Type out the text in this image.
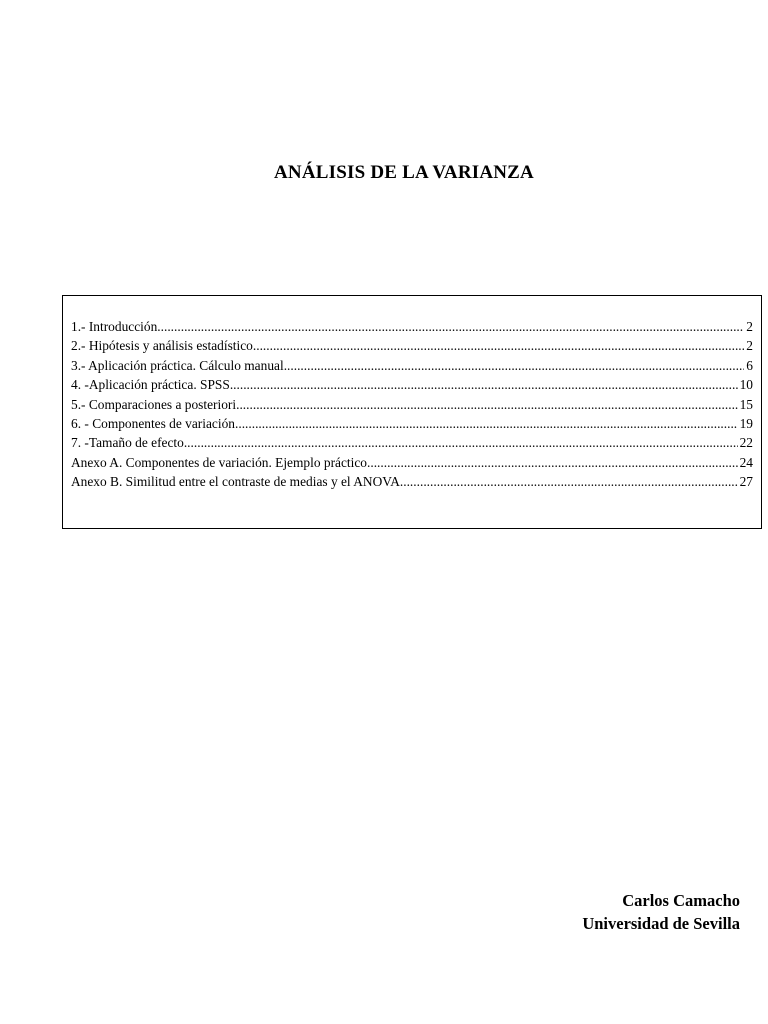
ANÁLISIS DE LA VARIANZA
1.- Introducción .....	2
2.- Hipótesis y análisis estadístico .....	2
3.- Aplicación práctica. Cálculo manual .....	6
4. -Aplicación práctica. SPSS .....	10
5.- Comparaciones a posteriori .....	15
6. - Componentes de variación .....	19
7. -Tamaño de efecto .....	22
Anexo A. Componentes de variación. Ejemplo práctico .....	24
Anexo B. Similitud entre el contraste de medias y el ANOVA .....	27
Carlos Camacho
Universidad de Sevilla
